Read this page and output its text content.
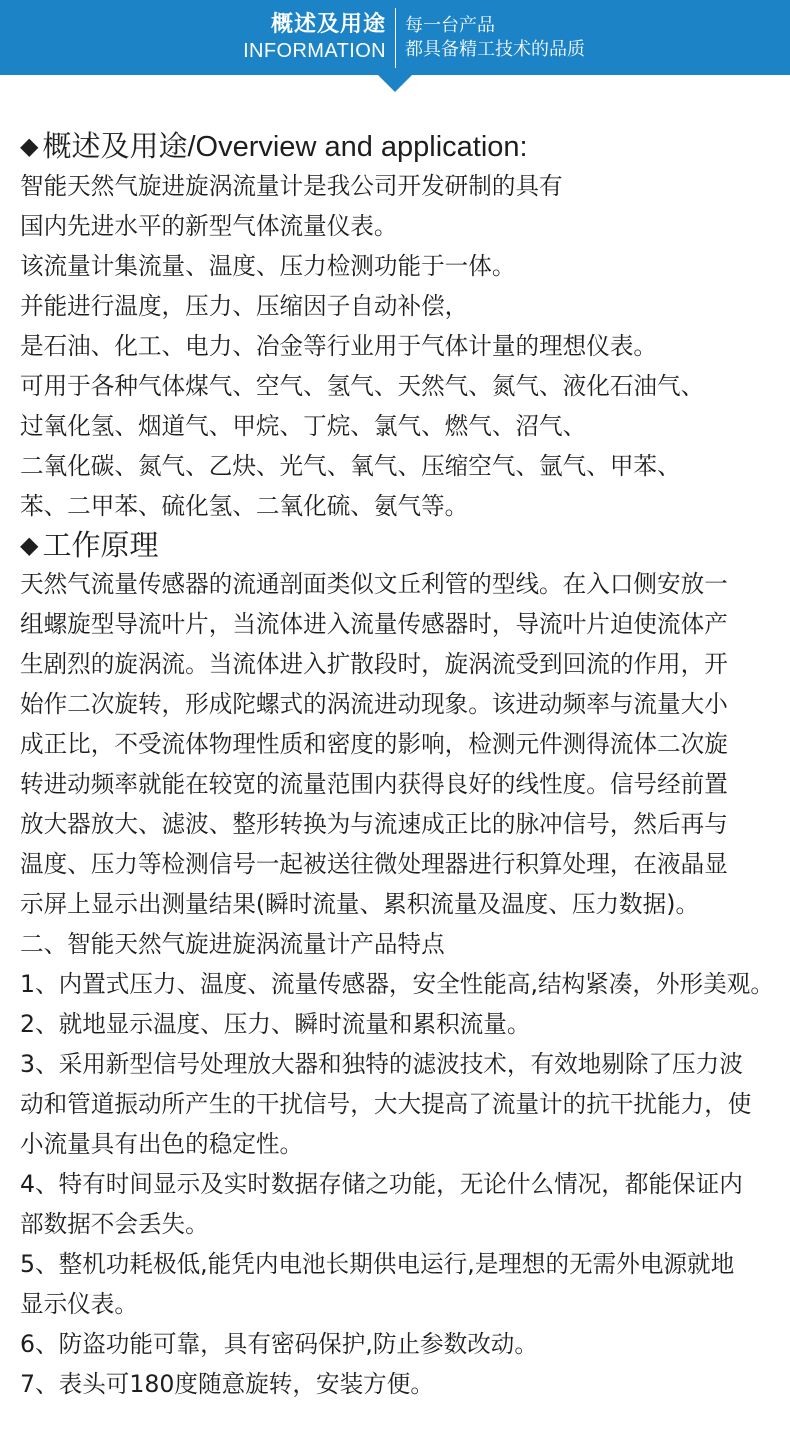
概述及用途
INFORMATION
每一台产品
都具备精工技术的品质
◆ 概述及用途/Overview and application:
智能天然气旋进旋涡流量计是我公司开发研制的具有
国内先进水平的新型气体流量仪表。
该流量计集流量、温度、压力检测功能于一体。
并能进行温度，压力、压缩因子自动补偿，
是石油、化工、电力、冶金等行业用于气体计量的理想仪表。
可用于各种气体煤气、空气、氢气、天然气、氮气、液化石油气、
过氧化氢、烟道气、甲烷、丁烷、氯气、燃气、沼气、
二氧化碳、氮气、乙炔、光气、氧气、压缩空气、氩气、甲苯、
苯、二甲苯、硫化氢、二氧化硫、氨气等。
◆ 工作原理
天然气流量传感器的流通剖面类似文丘利管的型线。在入口侧安放一
组螺旋型导流叶片，当流体进入流量传感器时，导流叶片迫使流体产
生剧烈的旋涡流。当流体进入扩散段时，旋涡流受到回流的作用，开
始作二次旋转，形成陀螺式的涡流进动现象。该进动频率与流量大小
成正比，不受流体物理性质和密度的影响，检测元件测得流体二次旋
转进动频率就能在较宽的流量范围内获得良好的线性度。信号经前置
放大器放大、滤波、整形转换为与流速成正比的脉冲信号，然后再与
温度、压力等检测信号一起被送往微处理器进行积算处理，在液晶显
示屏上显示出测量结果(瞬时流量、累积流量及温度、压力数据)。
二、智能天然气旋进旋涡流量计产品特点
1、内置式压力、温度、流量传感器，安全性能高,结构紧凑，外形美观。
2、就地显示温度、压力、瞬时流量和累积流量。
3、采用新型信号处理放大器和独特的滤波技术，有效地剔除了压力波
动和管道振动所产生的干扰信号，大大提高了流量计的抗干扰能力，使
小流量具有出色的稳定性。
4、特有时间显示及实时数据存储之功能，无论什么情况，都能保证内
部数据不会丢失。
5、整机功耗极低,能凭内电池长期供电运行,是理想的无需外电源就地
显示仪表。
6、防盗功能可靠，具有密码保护,防止参数改动。
7、表头可180度随意旋转，安装方便。
